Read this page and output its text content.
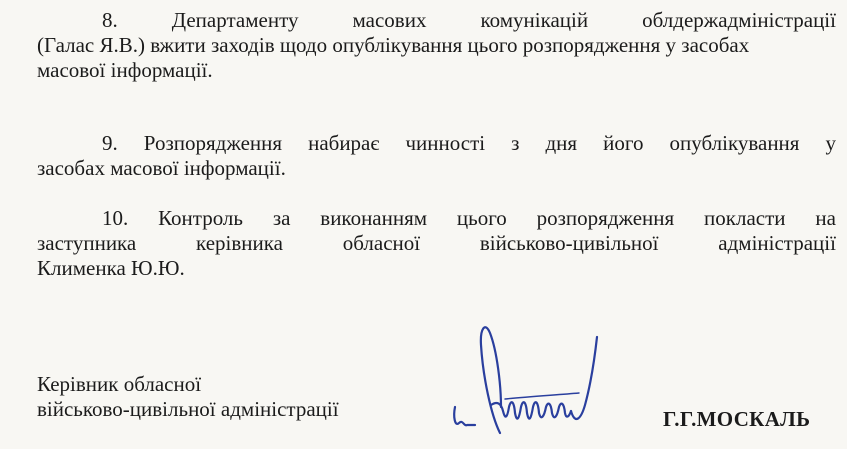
8.	Департаменту	масових	комунікацій	облдержадміністрації
(Галас Я.В.) вжити заходів щодо опублікування цього розпорядження у засобах
масової інформації.
9. Розпорядження набирає чинності з дня його опублікування у
засобах масової інформації.
10. Контроль за виконанням цього розпорядження покласти на
заступника	керівника	обласної	військово-цивільної	адміністрації
Клименка Ю.Ю.
Керівник обласної
військово-цивільної адміністрації	Г.Г.МОСКАЛЬ
